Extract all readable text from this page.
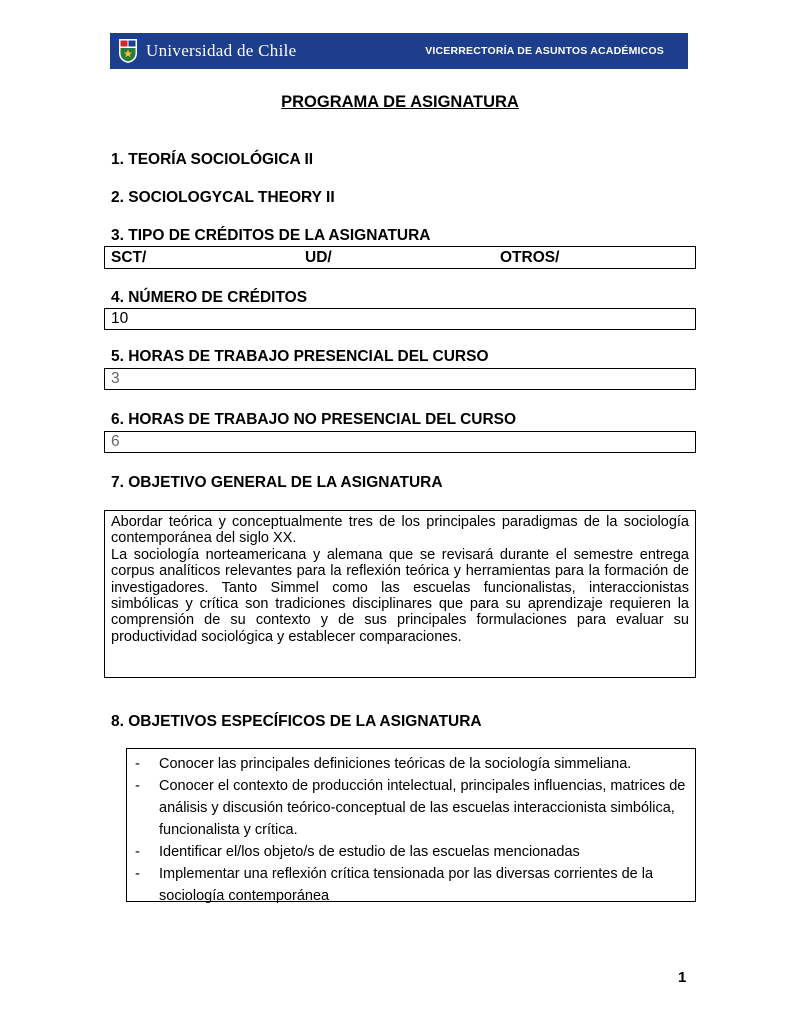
Universidad de Chile	VICERRECTORÍA DE ASUNTOS ACADÉMICOS
PROGRAMA DE ASIGNATURA
1. TEORÍA SOCIOLÓGICA II
2. SOCIOLOGYCAL THEORY II
3. TIPO DE CRÉDITOS DE LA ASIGNATURA
SCT/	UD/	OTROS/
4. NÚMERO DE CRÉDITOS
10
5. HORAS DE TRABAJO PRESENCIAL DEL CURSO
3
6. HORAS DE TRABAJO NO PRESENCIAL DEL CURSO
6
7. OBJETIVO GENERAL DE LA ASIGNATURA

Abordar teórica y conceptualmente tres de los principales paradigmas de la sociología contemporánea del siglo XX.

La sociología norteamericana y alemana que se revisará durante el semestre entrega corpus analíticos relevantes para la reflexión teórica y herramientas para la formación de investigadores. Tanto Simmel como las escuelas funcionalistas, interaccionistas simbólicas y crítica son tradiciones disciplinares que para su aprendizaje requieren la comprensión de su contexto y de sus principales formulaciones para evaluar su productividad sociológica y establecer comparaciones.

8. OBJETIVOS ESPECÍFICOS DE LA ASIGNATURA
-	Conocer las principales definiciones teóricas de la sociología simmeliana.
-	Conocer el contexto de producción intelectual, principales influencias, matrices de análisis y discusión teórico-conceptual de las escuelas interaccionista simbólica, funcionalista y crítica.
-	Identificar el/los objeto/s de estudio de las escuelas mencionadas
-	Implementar una reflexión crítica tensionada por las diversas corrientes de la sociología contemporánea
1
